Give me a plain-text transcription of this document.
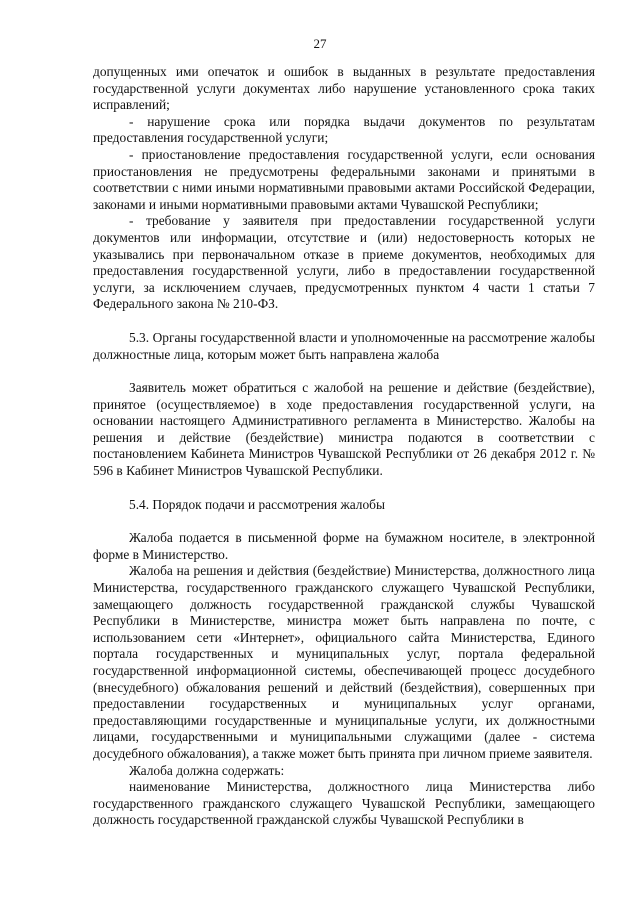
27

допущенных ими опечаток и ошибок в выданных в результате предоставления государственной услуги документах либо нарушение установленного срока таких исправлений;

- нарушение срока или порядка выдачи документов по результатам предоставления государственной услуги;

- приостановление предоставления государственной услуги, если основания приостановления не предусмотрены федеральными законами и принятыми в соответствии с ними иными нормативными правовыми актами Российской Федерации, законами и иными нормативными правовыми актами Чувашской Республики;

- требование у заявителя при предоставлении государственной услуги документов или информации, отсутствие и (или) недостоверность которых не указывались при первоначальном отказе в приеме документов, необходимых для предоставления государственной услуги, либо в предоставлении государственной услуги, за исключением случаев, предусмотренных пунктом 4 части 1 статьи 7 Федерального закона № 210-ФЗ.

5.3. Органы государственной власти и уполномоченные на рассмотрение жалобы должностные лица, которым может быть направлена жалоба

Заявитель может обратиться с жалобой на решение и действие (бездействие), принятое (осуществляемое) в ходе предоставления государственной услуги, на основании настоящего Административного регламента в Министерство. Жалобы на решения и действие (бездействие) министра подаются в соответствии с постановлением Кабинета Министров Чувашской Республики от 26 декабря 2012 г. № 596 в Кабинет Министров Чувашской Республики.

5.4. Порядок подачи и рассмотрения жалобы

Жалоба подается в письменной форме на бумажном носителе, в электронной форме в Министерство.

Жалоба на решения и действия (бездействие) Министерства, должностного лица Министерства, государственного гражданского служащего Чувашской Республики, замещающего должность государственной гражданской службы Чувашской Республики в Министерстве, министра может быть направлена по почте, с использованием сети «Интернет», официального сайта Министерства, Единого портала государственных и муниципальных услуг, портала федеральной государственной информационной системы, обеспечивающей процесс досудебного (внесудебного) обжалования решений и действий (бездействия), совершенных при предоставлении государственных и муниципальных услуг органами, предоставляющими государственные и муниципальные услуги, их должностными лицами, государственными и муниципальными служащими (далее - система досудебного обжалования), а также может быть принята при личном приеме заявителя.

Жалоба должна содержать:

наименование Министерства, должностного лица Министерства либо государственного гражданского служащего Чувашской Республики, замещающего должность государственной гражданской службы Чувашской Республики в
